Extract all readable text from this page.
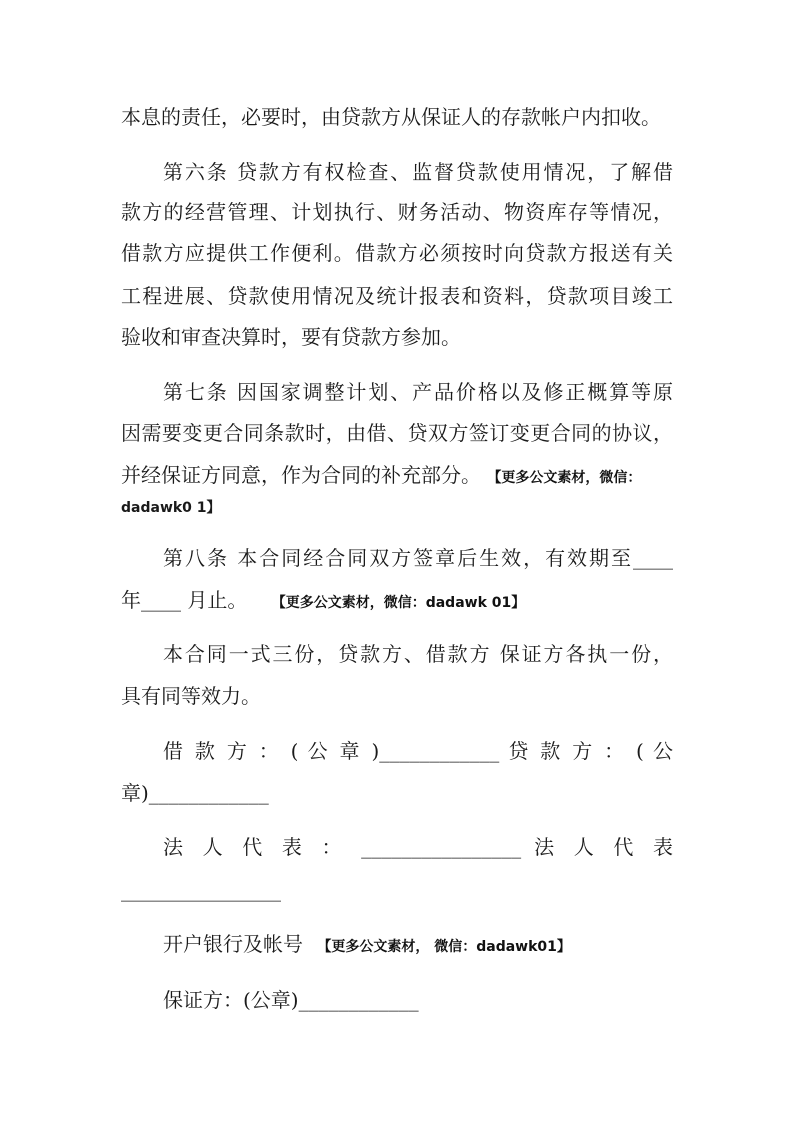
本息的责任，必要时，由贷款方从保证人的存款帐户内扣收。
第六条 贷款方有权检查、监督贷款使用情况，了解借
款方的经营管理、计划执行、财务活动、物资库存等情况，
借款方应提供工作便利。借款方必须按时向贷款方报送有关
工程进展、贷款使用情况及统计报表和资料，贷款项目竣工
验收和审查决算时，要有贷款方参加。
第七条 因国家调整计划、产品价格以及修正概算等原
因需要变更合同条款时，由借、贷双方签订变更合同的协议，
并经保证方同意，作为合同的补充部分。 【更多公文素材，微信：
dadawk0 1】
第八条 本合同经合同双方签章后生效，有效期至____
年____ 月止。 【更多公文素材，微信：dadawk 01】
本合同一式三份，贷款方、借款方 保证方各执一份，
具有同等效力。
借 款 方 ： ( 公 章 )____________ 贷 款 方 ： ( 公
章)____________
法 人 代 表 ： ________________ 法 人 代 表
________________
开户银行及帐号 【更多公文素材， 微信：dadawk01】
保证方：(公章)____________
